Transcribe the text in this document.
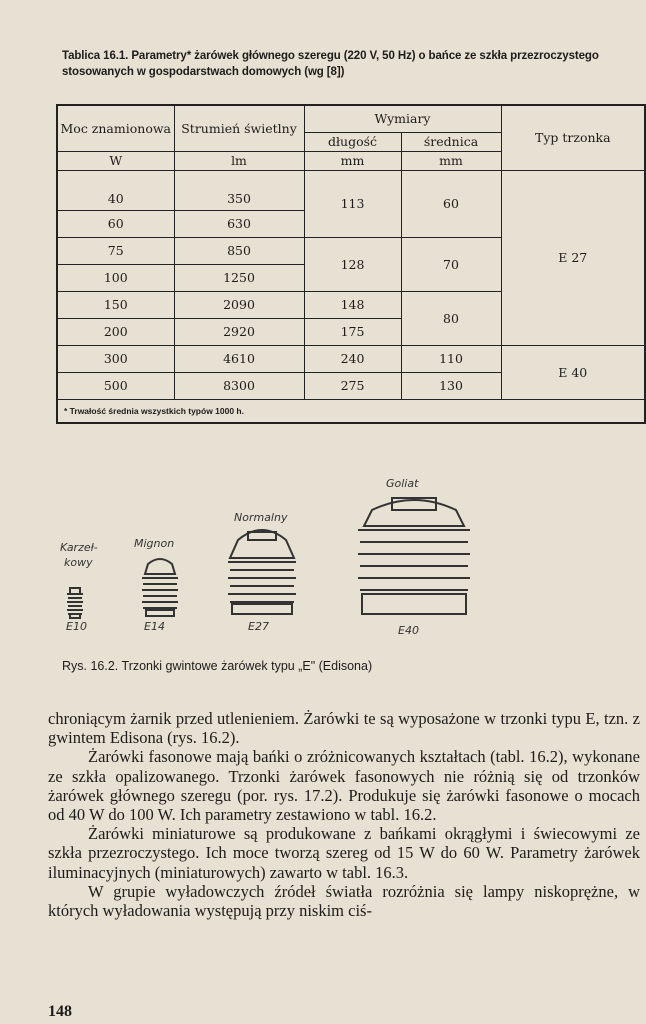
Tablica 16.1. Parametry* żarówek głównego szeregu (220 V, 50 Hz) o bańce ze szkła przezroczystego stosowanych w gospodarstwach domowych (wg [8])
Moc znamionowa	Strumień świetlny	Wymiary		Typ trzonka
		długość	średnica	
W	lm	mm	mm	
40	350	113	60	E 27
60	630			
75	850	128	70	
100	1250			
150	2090	148	80	
200	2920	175		
300	4610	240	110	E 40
500	8300	275	130	
* Trwałość średnia wszystkich typów 1000 h.				
Karzeł-
kowy
Mignon
Normalny
Goliat
E10	E14	E27	E40
Rys. 16.2. Trzonki gwintowe żarówek typu „E" (Edisona)

chroniącym żarnik przed utlenieniem. Żarówki te są wyposażone w trzonki typu E, tzn. z gwintem Edisona (rys. 16.2).

Żarówki fasonowe mają bańki o zróżnicowanych kształtach (tabl. 16.2), wykonane ze szkła opalizowanego. Trzonki żarówek fasonowych nie różnią się od trzonków żarówek głównego szeregu (por. rys. 17.2). Produkuje się żarówki fasonowe o mocach od 40 W do 100 W. Ich parametry zestawiono w tabl. 16.2.

Żarówki miniaturowe są produkowane z bańkami okrągłymi i świecowymi ze szkła przezroczystego. Ich moce tworzą szereg od 15 W do 60 W. Parametry żarówek iluminacyjnych (miniaturowych) zawarto w tabl. 16.3.

W grupie wyładowczych źródeł światła rozróżnia się lampy niskoprężne, w których wyładowania występują przy niskim ciś-

148
